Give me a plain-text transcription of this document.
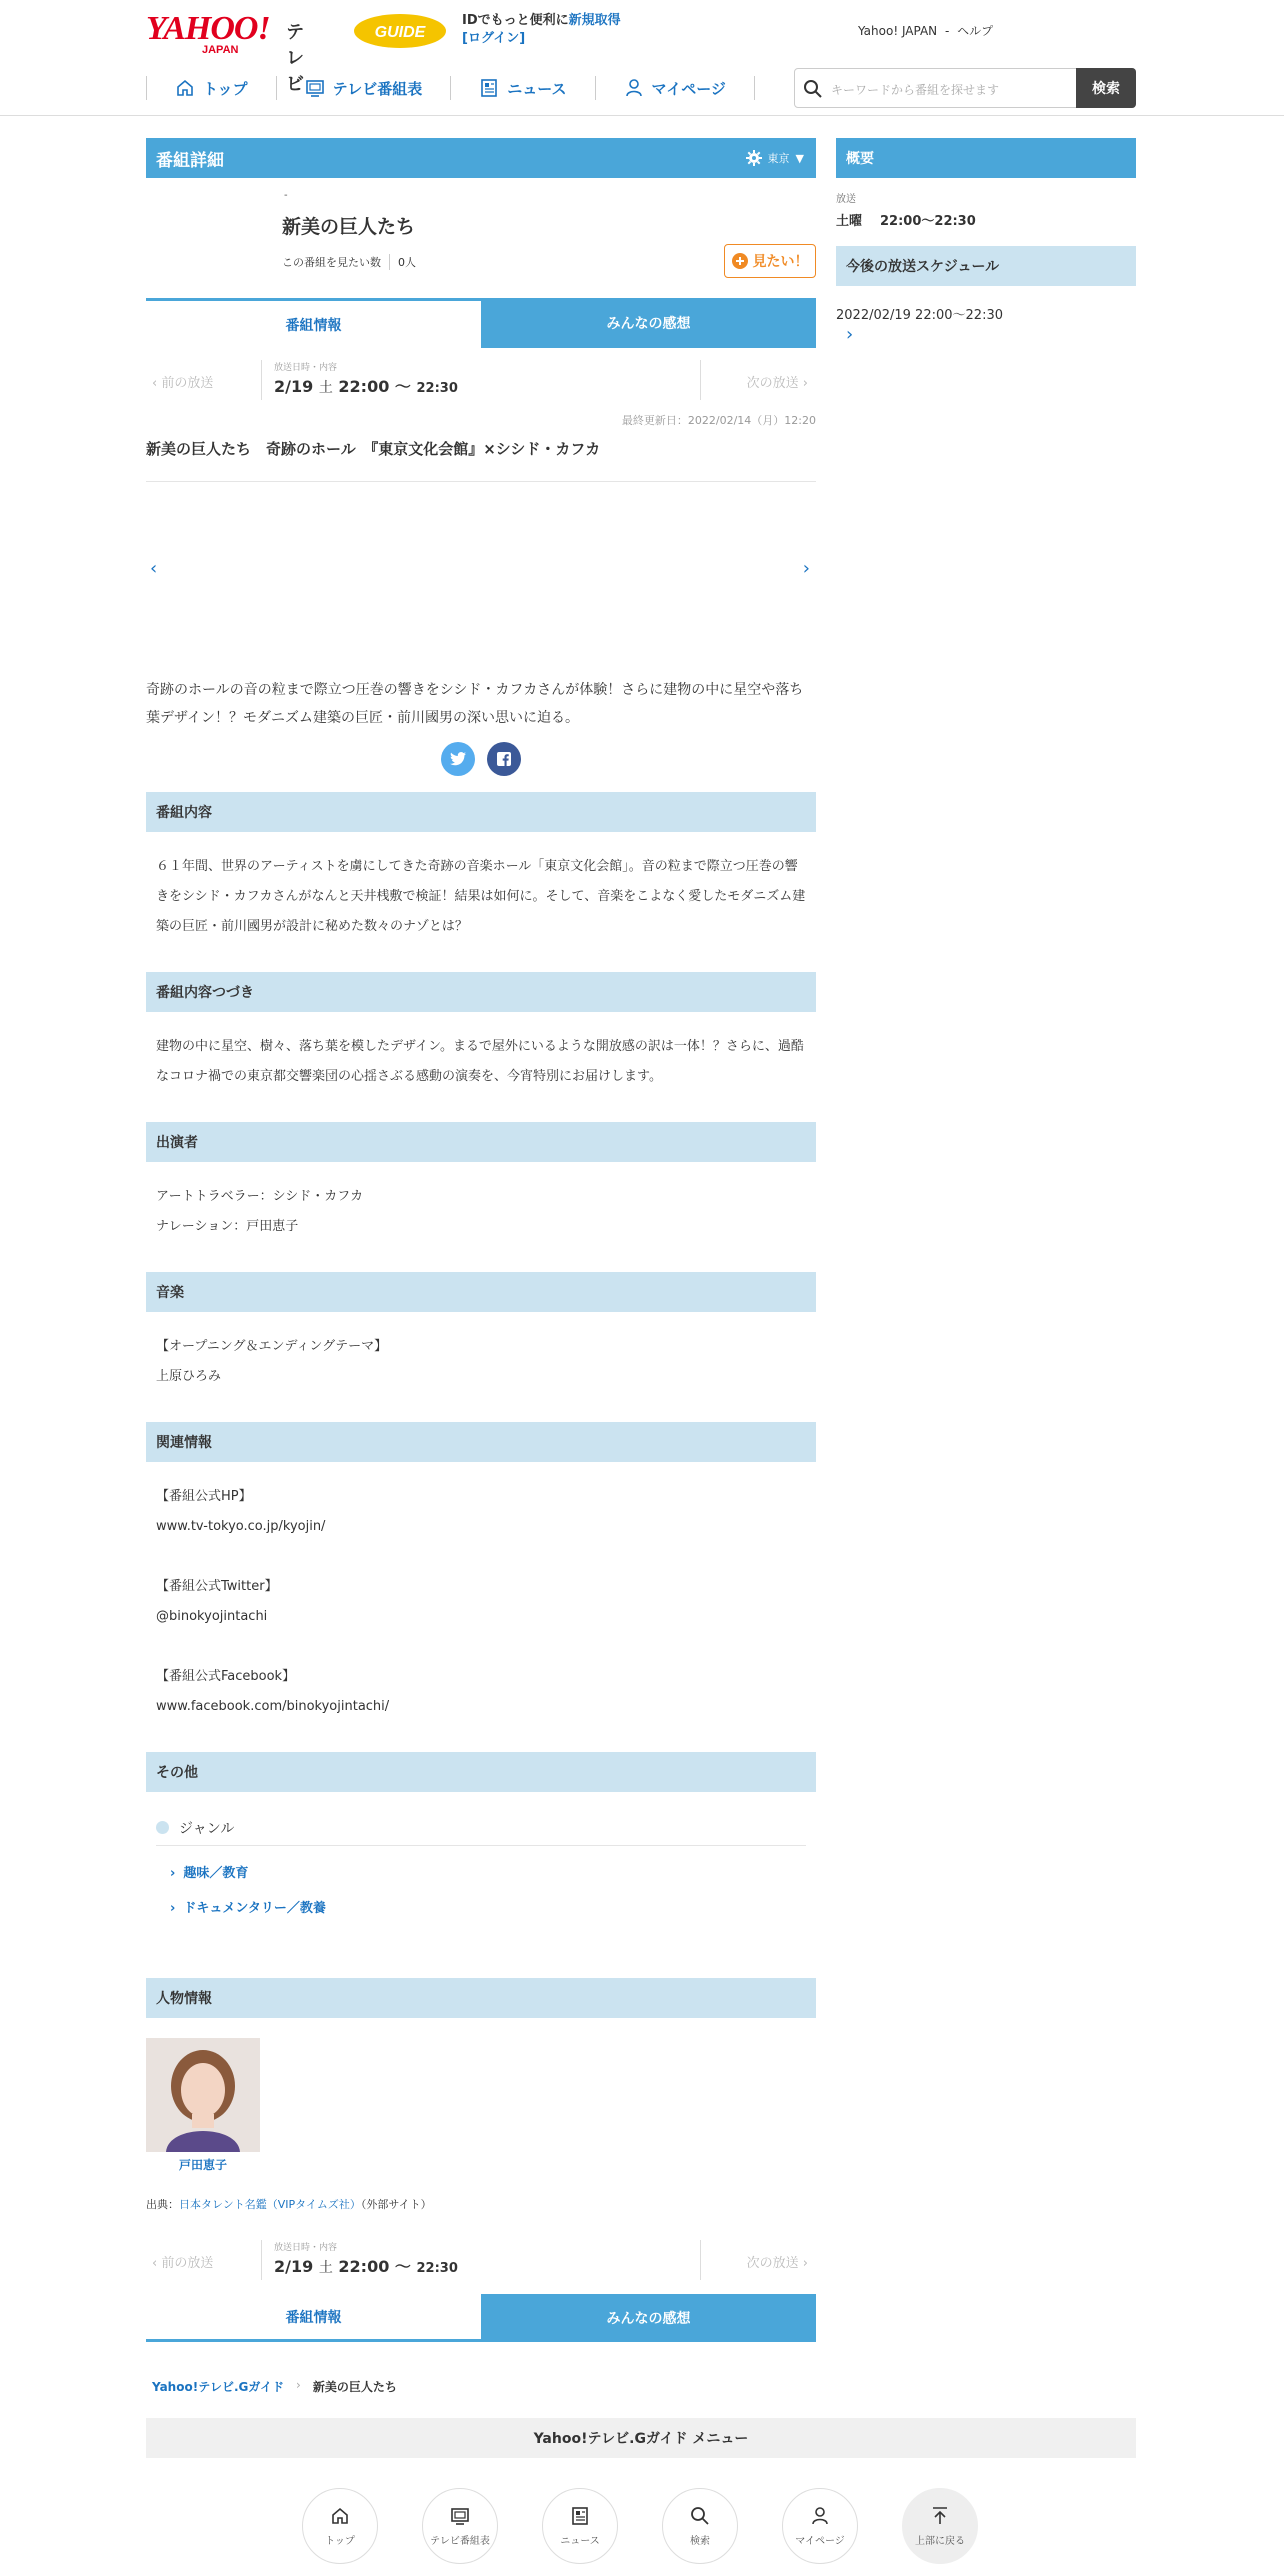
YAHOO!
JAPAN
テレビ
GUIDE
IDでもっと便利に新規取得
[ログイン]	Yahoo! JAPAN - ヘルプ
トップ	テレビ番組表	ニュース	マイページ	キーワードから番組を探せます	検索
番組詳細	東京 ▼
-
新美の巨人たち
この番組を見たい数	0人	見たい！
番組情報	みんなの感想
‹ 前の放送
放送日時・内容
2/19 土 22:00 〜 22:30	次の放送 ›
最終更新日：2022/02/14（月）12:20
新美の巨人たち　奇跡のホール　『東京文化会館』×シシド・カフカ
‹	›
奇跡のホールの音の粒まで際立つ圧巻の響きをシシド・カフカさんが体験！さらに建物の中に星空や落ち葉デザイン！？モダニズム建築の巨匠・前川國男の深い思いに迫る。
番組内容
６１年間、世界のアーティストを虜にしてきた奇跡の音楽ホール「東京文化会館」。音の粒まで際立つ圧巻の響きをシシド・カフカさんがなんと天井桟敷で検証！結果は如何に。そして、音楽をこよなく愛したモダニズム建築の巨匠・前川國男が設計に秘めた数々のナゾとは？
番組内容つづき
建物の中に星空、樹々、落ち葉を模したデザイン。まるで屋外にいるような開放感の訳は一体！？さらに、過酷なコロナ禍での東京都交響楽団の心揺さぶる感動の演奏を、今宵特別にお届けします。
出演者
アートトラベラー：シシド・カフカ
ナレーション：戸田恵子
音楽
【オープニング＆エンディングテーマ】
上原ひろみ
関連情報
【番組公式HP】
www.tv-tokyo.co.jp/kyojin/
【番組公式Twitter】
@binokyojintachi
【番組公式Facebook】
www.facebook.com/binokyojintachi/
その他
ジャンル
› 趣味／教育
› ドキュメンタリー／教養
人物情報
戸田恵子
出典：日本タレント名鑑（VIPタイムズ社）（外部サイト）
‹ 前の放送
放送日時・内容
2/19 土 22:00 〜 22:30	次の放送 ›
番組情報	みんなの感想
Yahoo!テレビ.Gガイド › 新美の巨人たち
Yahoo!テレビ.Gガイド メニュー
トップ	テレビ番組表	ニュース	検索	マイページ	上部に戻る
概要
放送
土曜 22:00～22:30
今後の放送スケジュール
2022/02/19 22:00～22:30
›
